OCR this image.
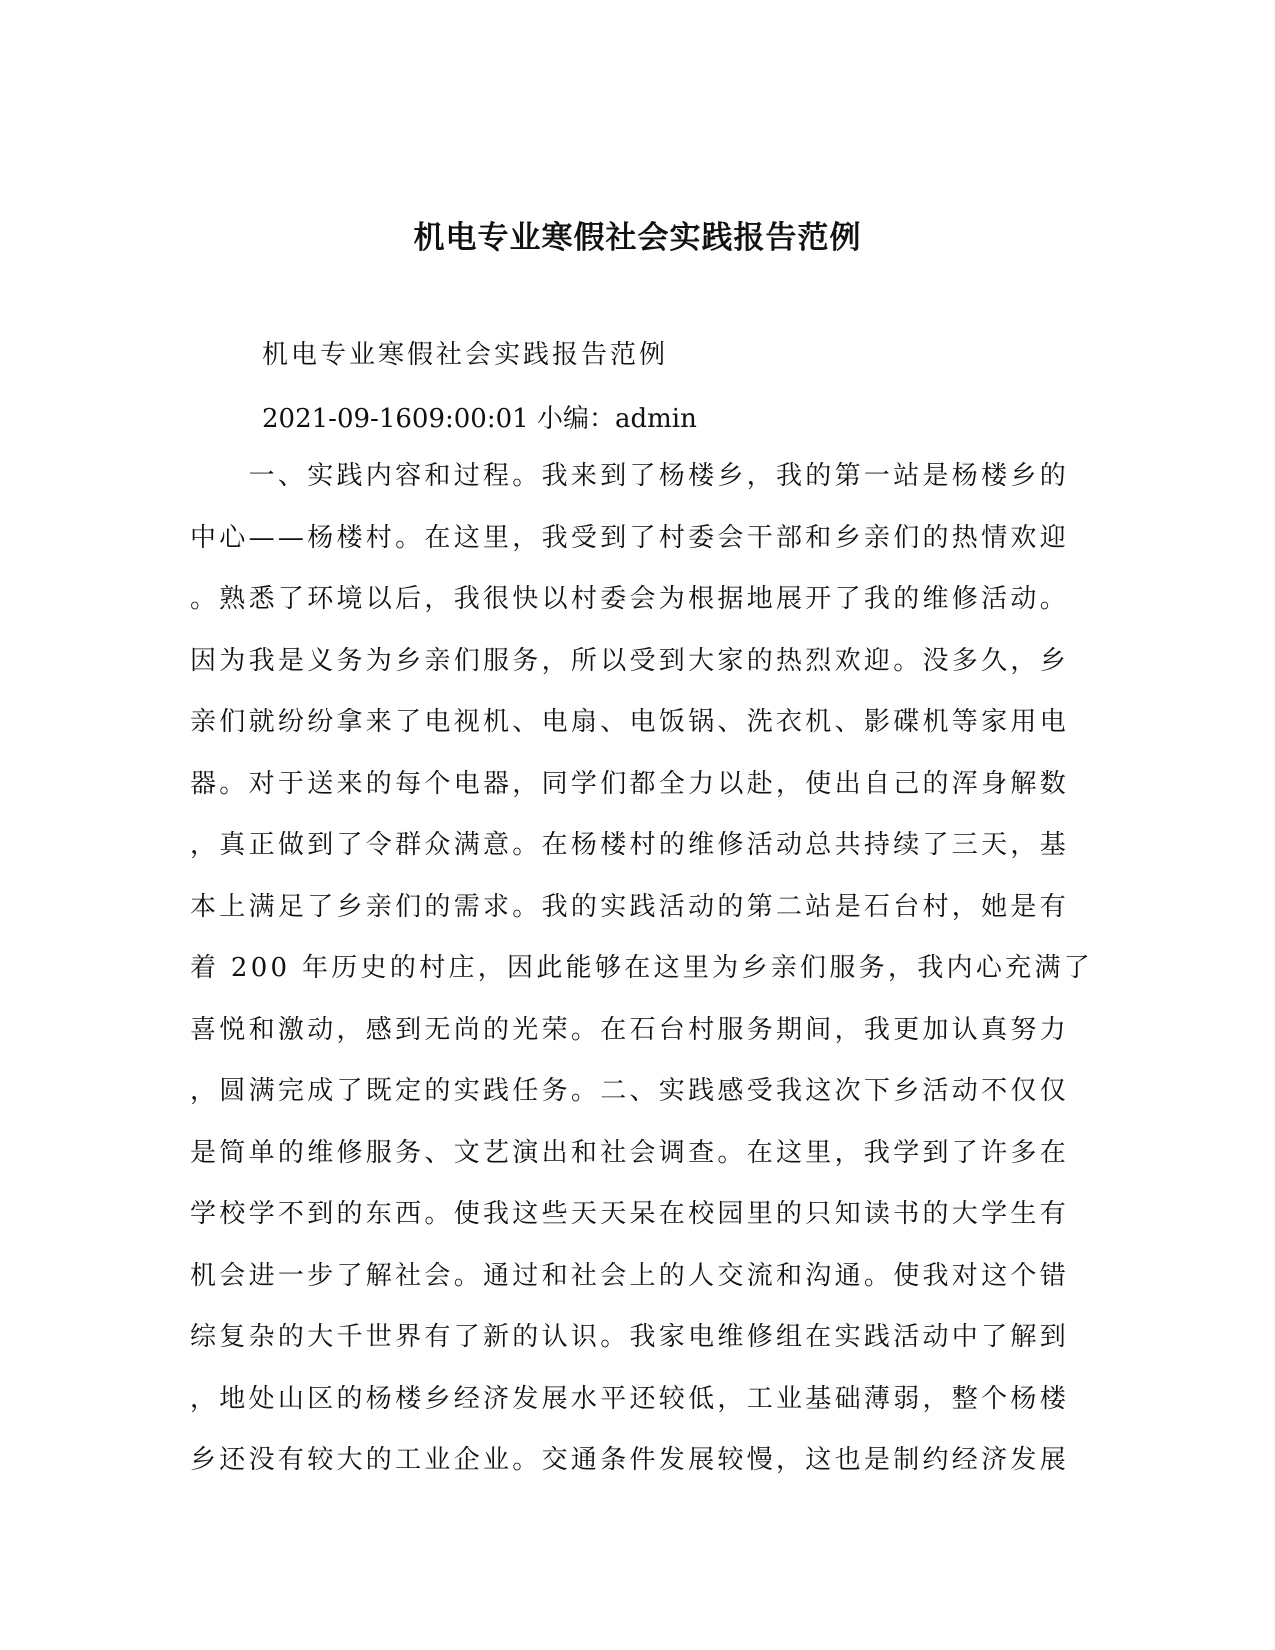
机电专业寒假社会实践报告范例

机电专业寒假社会实践报告范例

2021-09-1609:00:01 小编：admin

　　一、实践内容和过程。我来到了杨楼乡，我的第一站是杨楼乡的
中心——杨楼村。在这里，我受到了村委会干部和乡亲们的热情欢迎
。熟悉了环境以后，我很快以村委会为根据地展开了我的维修活动。
因为我是义务为乡亲们服务，所以受到大家的热烈欢迎。没多久，乡
亲们就纷纷拿来了电视机、电扇、电饭锅、洗衣机、影碟机等家用电
器。对于送来的每个电器，同学们都全力以赴，使出自己的浑身解数
，真正做到了令群众满意。在杨楼村的维修活动总共持续了三天，基
本上满足了乡亲们的需求。我的实践活动的第二站是石台村，她是有
着 200 年历史的村庄，因此能够在这里为乡亲们服务，我内心充满了
喜悦和激动，感到无尚的光荣。在石台村服务期间，我更加认真努力
，圆满完成了既定的实践任务。二、实践感受我这次下乡活动不仅仅
是简单的维修服务、文艺演出和社会调查。在这里，我学到了许多在
学校学不到的东西。使我这些天天呆在校园里的只知读书的大学生有
机会进一步了解社会。通过和社会上的人交流和沟通。使我对这个错
综复杂的大千世界有了新的认识。我家电维修组在实践活动中了解到
，地处山区的杨楼乡经济发展水平还较低，工业基础薄弱，整个杨楼
乡还没有较大的工业企业。交通条件发展较慢，这也是制约经济发展
